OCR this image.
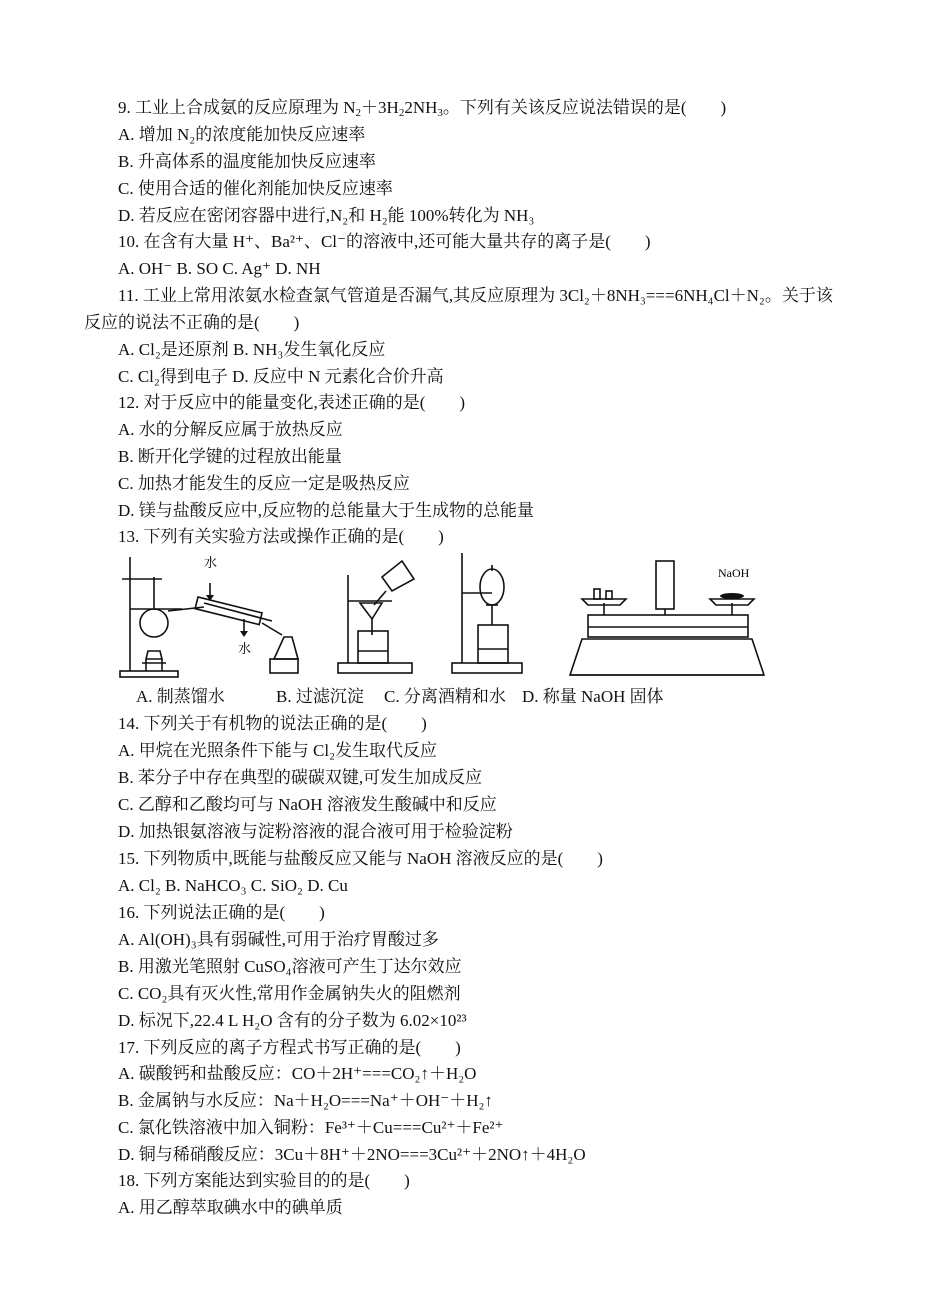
9. 工业上合成氨的反应原理为 $N_2+3H_22NH_3$。下列有关该反应说法错误的是(　　)
A. 增加 N₂的浓度能加快反应速率
B. 升高体系的温度能加快反应速率
C. 使用合适的催化剂能加快反应速率
D. 若反应在密闭容器中进行,N₂和 H₂能 100%转化为 NH₃
10. 在含有大量 H⁺、Ba²⁺、Cl⁻的溶液中,还可能大量共存的离子是(　　)
A. OH⁻ B. SO C. Ag⁺ D. NH
11. 工业上常用浓氨水检查氯气管道是否漏气,其反应原理为 3Cl₂＋8NH₃===6NH₄Cl＋N₂。关于该
反应的说法不正确的是(　　)
A. Cl₂是还原剂 B. NH₃发生氧化反应
C. Cl₂得到电子 D. 反应中 N 元素化合价升高
12. 对于反应中的能量变化,表述正确的是(　　)
A. 水的分解反应属于放热反应
B. 断开化学键的过程放出能量
C. 加热才能发生的反应一定是吸热反应
D. 镁与盐酸反应中,反应物的总能量大于生成物的总能量
13. 下列有关实验方法或操作正确的是(　　)
水
水
NaOH
A. 制蒸馏水	B. 过滤沉淀 C. 分离酒精和水 D. 称量 NaOH 固体
14. 下列关于有机物的说法正确的是(　　)
A. 甲烷在光照条件下能与 Cl₂发生取代反应
B. 苯分子中存在典型的碳碳双键,可发生加成反应
C. 乙醇和乙酸均可与 NaOH 溶液发生酸碱中和反应
D. 加热银氨溶液与淀粉溶液的混合液可用于检验淀粉
15. 下列物质中,既能与盐酸反应又能与 NaOH 溶液反应的是(　　)
A. Cl₂ B. NaHCO₃ C. SiO₂ D. Cu
16. 下列说法正确的是(　　)
A. Al(OH)₃具有弱碱性,可用于治疗胃酸过多
B. 用激光笔照射 CuSO₄溶液可产生丁达尔效应
C. CO₂具有灭火性,常用作金属钠失火的阻燃剂
D. 标况下,22.4 L H₂O 含有的分子数为 6.02×10²³
17. 下列反应的离子方程式书写正确的是(　　)
A. 碳酸钙和盐酸反应：CO＋2H⁺===CO₂↑＋H₂O
B. 金属钠与水反应：Na＋H₂O===Na⁺＋OH⁻＋H₂↑
C. 氯化铁溶液中加入铜粉：Fe³⁺＋Cu===Cu²⁺＋Fe²⁺
D. 铜与稀硝酸反应：3Cu＋8H⁺＋2NO===3Cu²⁺＋2NO↑＋4H₂O
18. 下列方案能达到实验目的的是(　　)
A. 用乙醇萃取碘水中的碘单质
